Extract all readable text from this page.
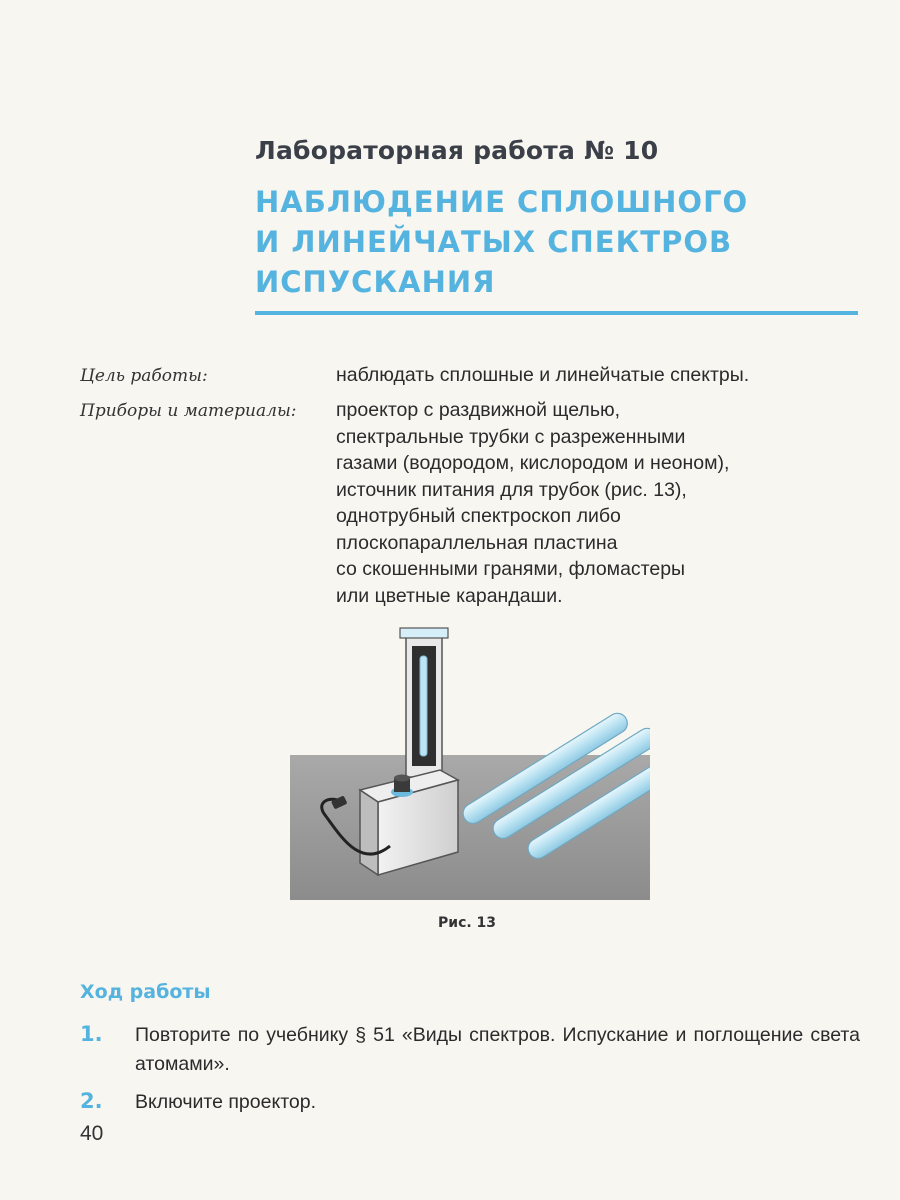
Лабораторная работа № 10
НАБЛЮДЕНИЕ СПЛОШНОГО
И ЛИНЕЙЧАТЫХ СПЕКТРОВ
ИСПУСКАНИЯ
Цель работы:	наблюдать сплошные и линейчатые спектры.
Приборы и материалы: проектор с раздвижной щелью,
спектральные трубки с разреженными
газами (водородом, кислородом и неоном),
источник питания для трубок (рис. 13),
однотрубный спектроскоп либо
плоскопараллельная пластина
со скошенными гранями, фломастеры
или цветные карандаши.
Рис. 13
Ход работы
1. Повторите по учебнику § 51 «Виды спектров. Испускание и поглощение света атомами».
2. Включите проектор.
40
